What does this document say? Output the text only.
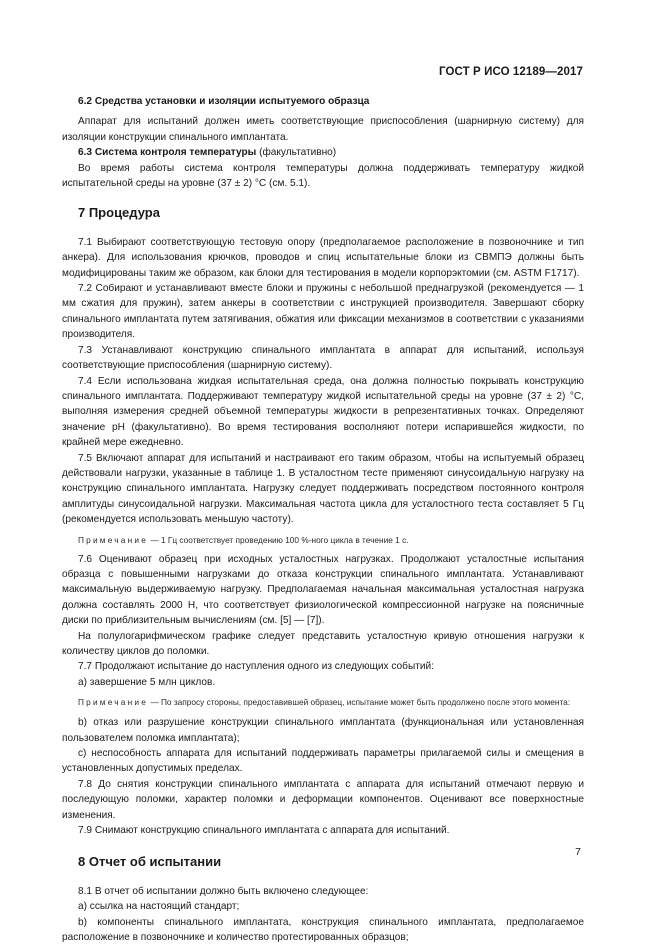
ГОСТ Р ИСО 12189—2017

6.2 Средства установки и изоляции испытуемого образца

Аппарат для испытаний должен иметь соответствующие приспособления (шарнирную систему) для изоляции конструкции спинального имплантата.

6.3 Система контроля температуры (факультативно)

Во время работы система контроля температуры должна поддерживать температуру жидкой испытательной среды на уровне (37 ± 2) °С (см. 5.1).

7 Процедура

7.1 Выбирают соответствующую тестовую опору (предполагаемое расположение в позвоночнике и тип анкера). Для использования крючков, проводов и спиц испытательные блоки из СВМПЭ должны быть модифицированы таким же образом, как блоки для тестирования в модели корпорэктомии (см. ASTM F1717).

7.2 Собирают и устанавливают вместе блоки и пружины с небольшой преднагрузкой (рекомендуется — 1 мм сжатия для пружин), затем анкеры в соответствии с инструкцией производителя. Завершают сборку спинального имплантата путем затягивания, обжатия или фиксации механизмов в соответствии с указаниями производителя.

7.3 Устанавливают конструкцию спинального имплантата в аппарат для испытаний, используя соответствующие приспособления (шарнирную систему).

7.4 Если использована жидкая испытательная среда, она должна полностью покрывать конструкцию спинального имплантата. Поддерживают температуру жидкой испытательной среды на уровне (37 ± 2) °С, выполняя измерения средней объемной температуры жидкости в репрезентативных точках. Определяют значение pH (факультативно). Во время тестирования восполняют потери испарившейся жидкости, по крайней мере ежедневно.

7.5 Включают аппарат для испытаний и настраивают его таким образом, чтобы на испытуемый образец действовали нагрузки, указанные в таблице 1. В усталостном тесте применяют синусоидальную нагрузку на конструкцию спинального имплантата. Нагрузку следует поддерживать посредством постоянного контроля амплитуды синусоидальной нагрузки. Максимальная частота цикла для усталостного теста составляет 5 Гц (рекомендуется использовать меньшую частоту).

Примечание — 1 Гц соответствует проведению 100 %-ного цикла в течение 1 с.

7.6 Оценивают образец при исходных усталостных нагрузках. Продолжают усталостные испытания образца с повышенными нагрузками до отказа конструкции спинального имплантата. Устанавливают максимальную выдерживаемую нагрузку. Предполагаемая начальная максимальная усталостная нагрузка должна составлять 2000 Н, что соответствует физиологической компрессионной нагрузке на поясничные диски по приблизительным вычислениям (см. [5] — [7]).

На полулогарифмическом графике следует представить усталостную кривую отношения нагрузки к количеству циклов до поломки.

7.7 Продолжают испытание до наступления одного из следующих событий:

а) завершение 5 млн циклов.

Примечание — По запросу стороны, предоставившей образец, испытание может быть продолжено после этого момента:

b) отказ или разрушение конструкции спинального имплантата (функциональная или установленная пользователем поломка имплантата);

c) неспособность аппарата для испытаний поддерживать параметры прилагаемой силы и смещения в установленных допустимых пределах.

7.8 До снятия конструкции спинального имплантата с аппарата для испытаний отмечают первую и последующую поломки, характер поломки и деформации компонентов. Оценивают все поверхностные изменения.

7.9 Снимают конструкцию спинального имплантата с аппарата для испытаний.

8 Отчет об испытании

8.1 В отчет об испытании должно быть включено следующее:

а) ссылка на настоящий стандарт;

b) компоненты спинального имплантата, конструкция спинального имплантата, предполагаемое расположение в позвоночнике и количество протестированных образцов;

7
